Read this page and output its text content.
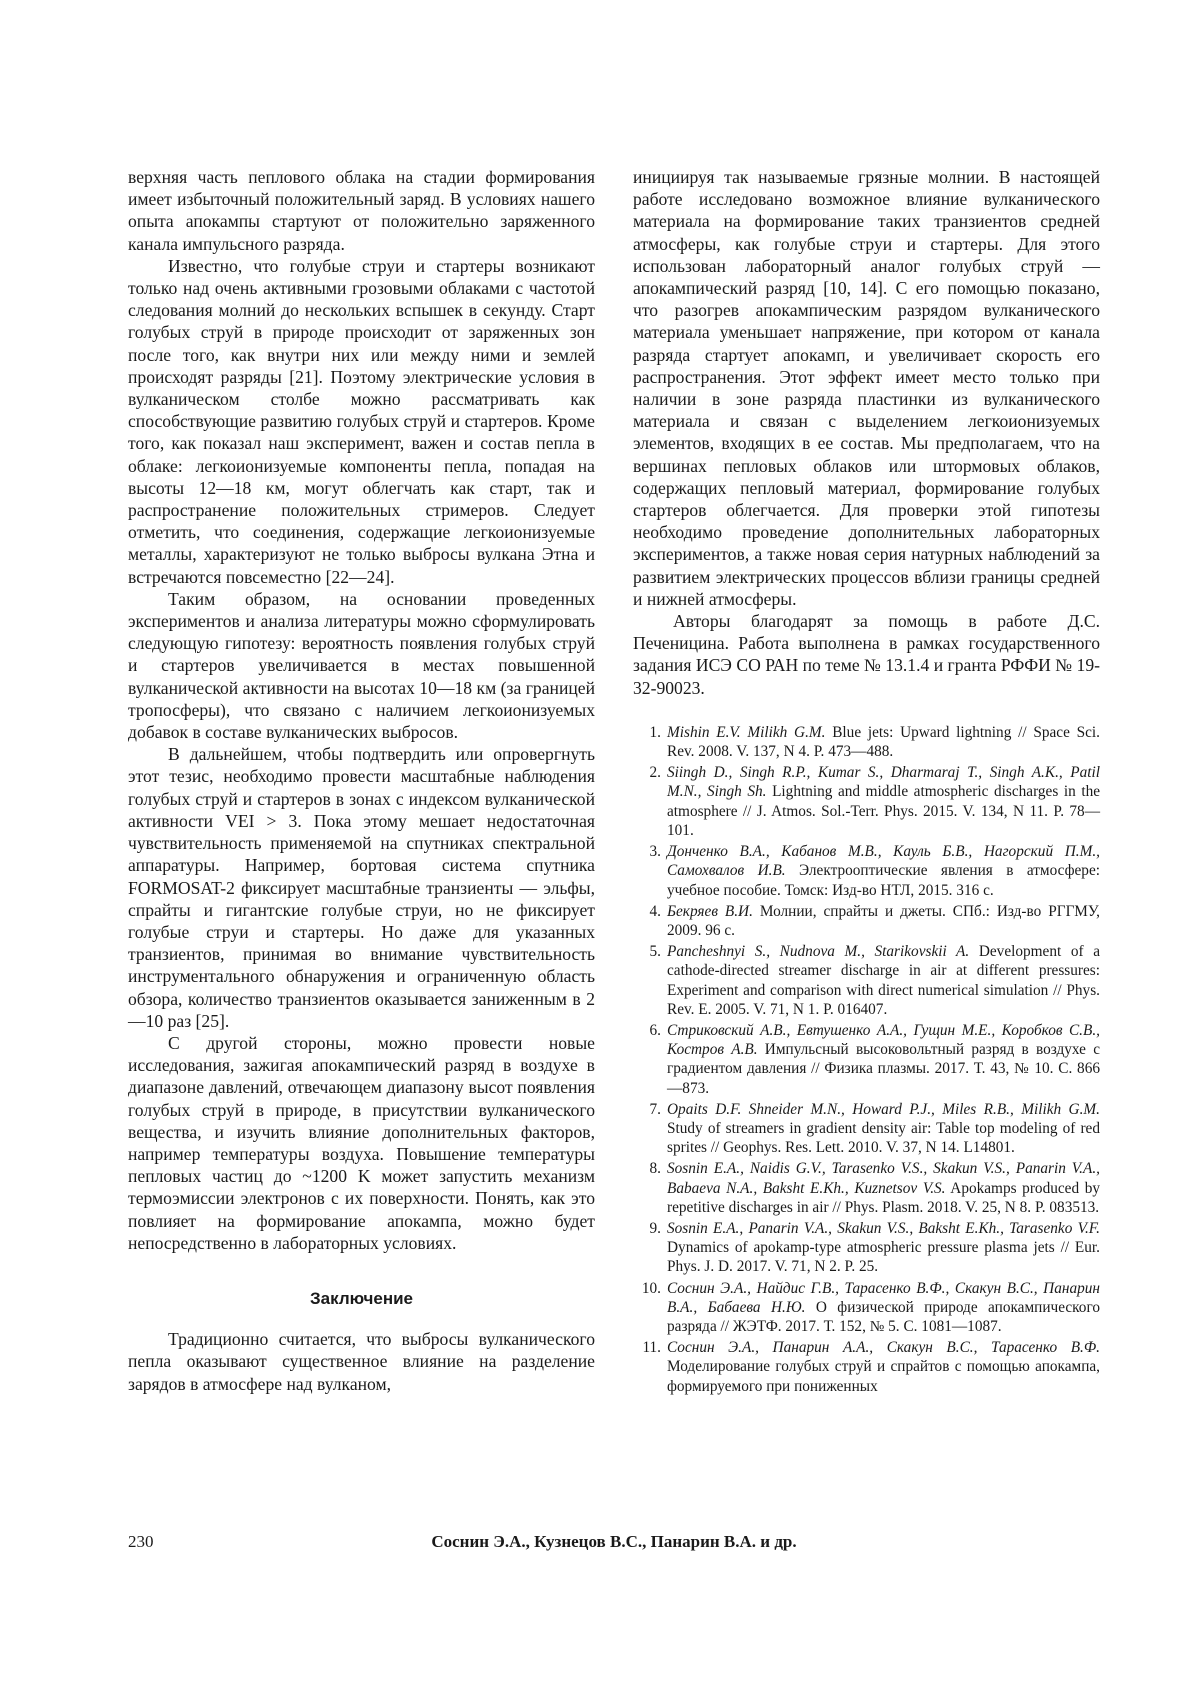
верхняя часть пеплового облака на стадии формирования имеет избыточный положительный заряд. В условиях нашего опыта апокампы стартуют от положительно заряженного канала импульсного разряда.

Известно, что голубые струи и стартеры возникают только над очень активными грозовыми облаками с частотой следования молний до нескольких вспышек в секунду. Старт голубых струй в природе происходит от заряженных зон после того, как внутри них или между ними и землей происходят разряды [21]. Поэтому электрические условия в вулканическом столбе можно рассматривать как способствующие развитию голубых струй и стартеров. Кроме того, как показал наш эксперимент, важен и состав пепла в облаке: легкоионизуемые компоненты пепла, попадая на высоты 12—18 км, могут облегчать как старт, так и распространение положительных стримеров. Следует отметить, что соединения, содержащие легкоионизуемые металлы, характеризуют не только выбросы вулкана Этна и встречаются повсеместно [22—24].

Таким образом, на основании проведенных экспериментов и анализа литературы можно сформулировать следующую гипотезу: вероятность появления голубых струй и стартеров увеличивается в местах повышенной вулканической активности на высотах 10—18 км (за границей тропосферы), что связано с наличием легкоионизуемых добавок в составе вулканических выбросов.

В дальнейшем, чтобы подтвердить или опровергнуть этот тезис, необходимо провести масштабные наблюдения голубых струй и стартеров в зонах с индексом вулканической активности VEI > 3. Пока этому мешает недостаточная чувствительность применяемой на спутниках спектральной аппаратуры. Например, бортовая система спутника FORMOSAT-2 фиксирует масштабные транзиенты — эльфы, спрайты и гигантские голубые струи, но не фиксирует голубые струи и стартеры. Но даже для указанных транзиентов, принимая во внимание чувствительность инструментального обнаружения и ограниченную область обзора, количество транзиентов оказывается заниженным в 2—10 раз [25].

С другой стороны, можно провести новые исследования, зажигая апокампический разряд в воздухе в диапазоне давлений, отвечающем диапазону высот появления голубых струй в природе, в присутствии вулканического вещества, и изучить влияние дополнительных факторов, например температуры воздуха. Повышение температуры пепловых частиц до ~1200 K может запустить механизм термоэмиссии электронов с их поверхности. Понять, как это повлияет на формирование апокампа, можно будет непосредственно в лабораторных условиях.

Заключение

Традиционно считается, что выбросы вулканического пепла оказывают существенное влияние на разделение зарядов в атмосфере над вулканом,

инициируя так называемые грязные молнии. В настоящей работе исследовано возможное влияние вулканического материала на формирование таких транзиентов средней атмосферы, как голубые струи и стартеры. Для этого использован лабораторный аналог голубых струй — апокампический разряд [10, 14]. С его помощью показано, что разогрев апокампическим разрядом вулканического материала уменьшает напряжение, при котором от канала разряда стартует апокамп, и увеличивает скорость его распространения. Этот эффект имеет место только при наличии в зоне разряда пластинки из вулканического материала и связан с выделением легкоионизуемых элементов, входящих в ее состав. Мы предполагаем, что на вершинах пепловых облаков или штормовых облаков, содержащих пепловый материал, формирование голубых стартеров облегчается. Для проверки этой гипотезы необходимо проведение дополнительных лабораторных экспериментов, а также новая серия натурных наблюдений за развитием электрических процессов вблизи границы средней и нижней атмосферы.

Авторы благодарят за помощь в работе Д.С. Печеницина. Работа выполнена в рамках государственного задания ИСЭ СО РАН по теме № 13.1.4 и гранта РФФИ № 19-32-90023.

1. Mishin E.V. Milikh G.M. Blue jets: Upward lightning // Space Sci. Rev. 2008. V. 137, N 4. P. 473—488.
2. Siingh D., Singh R.P., Kumar S., Dharmaraj T., Singh A.K., Patil M.N., Singh Sh. Lightning and middle atmospheric discharges in the atmosphere // J. Atmos. Sol.-Terr. Phys. 2015. V. 134, N 11. P. 78—101.
3. Донченко В.А., Кабанов М.В., Кауль Б.В., Нагорский П.М., Самохвалов И.В. Электрооптические явления в атмосфере: учебное пособие. Томск: Изд-во НТЛ, 2015. 316 с.
4. Бекряев В.И. Молнии, спрайты и джеты. СПб.: Изд-во РГГМУ, 2009. 96 с.
5. Pancheshnyi S., Nudnova M., Starikovskii A. Development of a cathode-directed streamer discharge in air at different pressures: Experiment and comparison with direct numerical simulation // Phys. Rev. E. 2005. V. 71, N 1. P. 016407.
6. Стриковский А.В., Евтушенко А.А., Гущин М.Е., Коробков С.В., Костров А.В. Импульсный высоковольтный разряд в воздухе с градиентом давления // Физика плазмы. 2017. Т. 43, № 10. С. 866—873.
7. Opaits D.F. Shneider M.N., Howard P.J., Miles R.B., Milikh G.M. Study of streamers in gradient density air: Table top modeling of red sprites // Geophys. Res. Lett. 2010. V. 37, N 14. L14801.
8. Sosnin E.A., Naidis G.V., Tarasenko V.S., Skakun V.S., Panarin V.A., Babaeva N.A., Baksht E.Kh., Kuznetsov V.S. Apokamps produced by repetitive discharges in air // Phys. Plasm. 2018. V. 25, N 8. P. 083513.
9. Sosnin E.A., Panarin V.A., Skakun V.S., Baksht E.Kh., Tarasenko V.F. Dynamics of apokamp-type atmospheric pressure plasma jets // Eur. Phys. J. D. 2017. V. 71, N 2. P. 25.
10. Соснин Э.А., Найдис Г.В., Тарасенко В.Ф., Скакун В.С., Панарин В.А., Бабаева Н.Ю. О физической природе апокампического разряда // ЖЭТФ. 2017. Т. 152, № 5. С. 1081—1087.
11. Соснин Э.А., Панарин А.А., Скакун В.С., Тарасенко В.Ф. Моделирование голубых струй и спрайтов с помощью апокампа, формируемого при пониженных
230	Соснин Э.А., Кузнецов В.С., Панарин В.А. и др.
